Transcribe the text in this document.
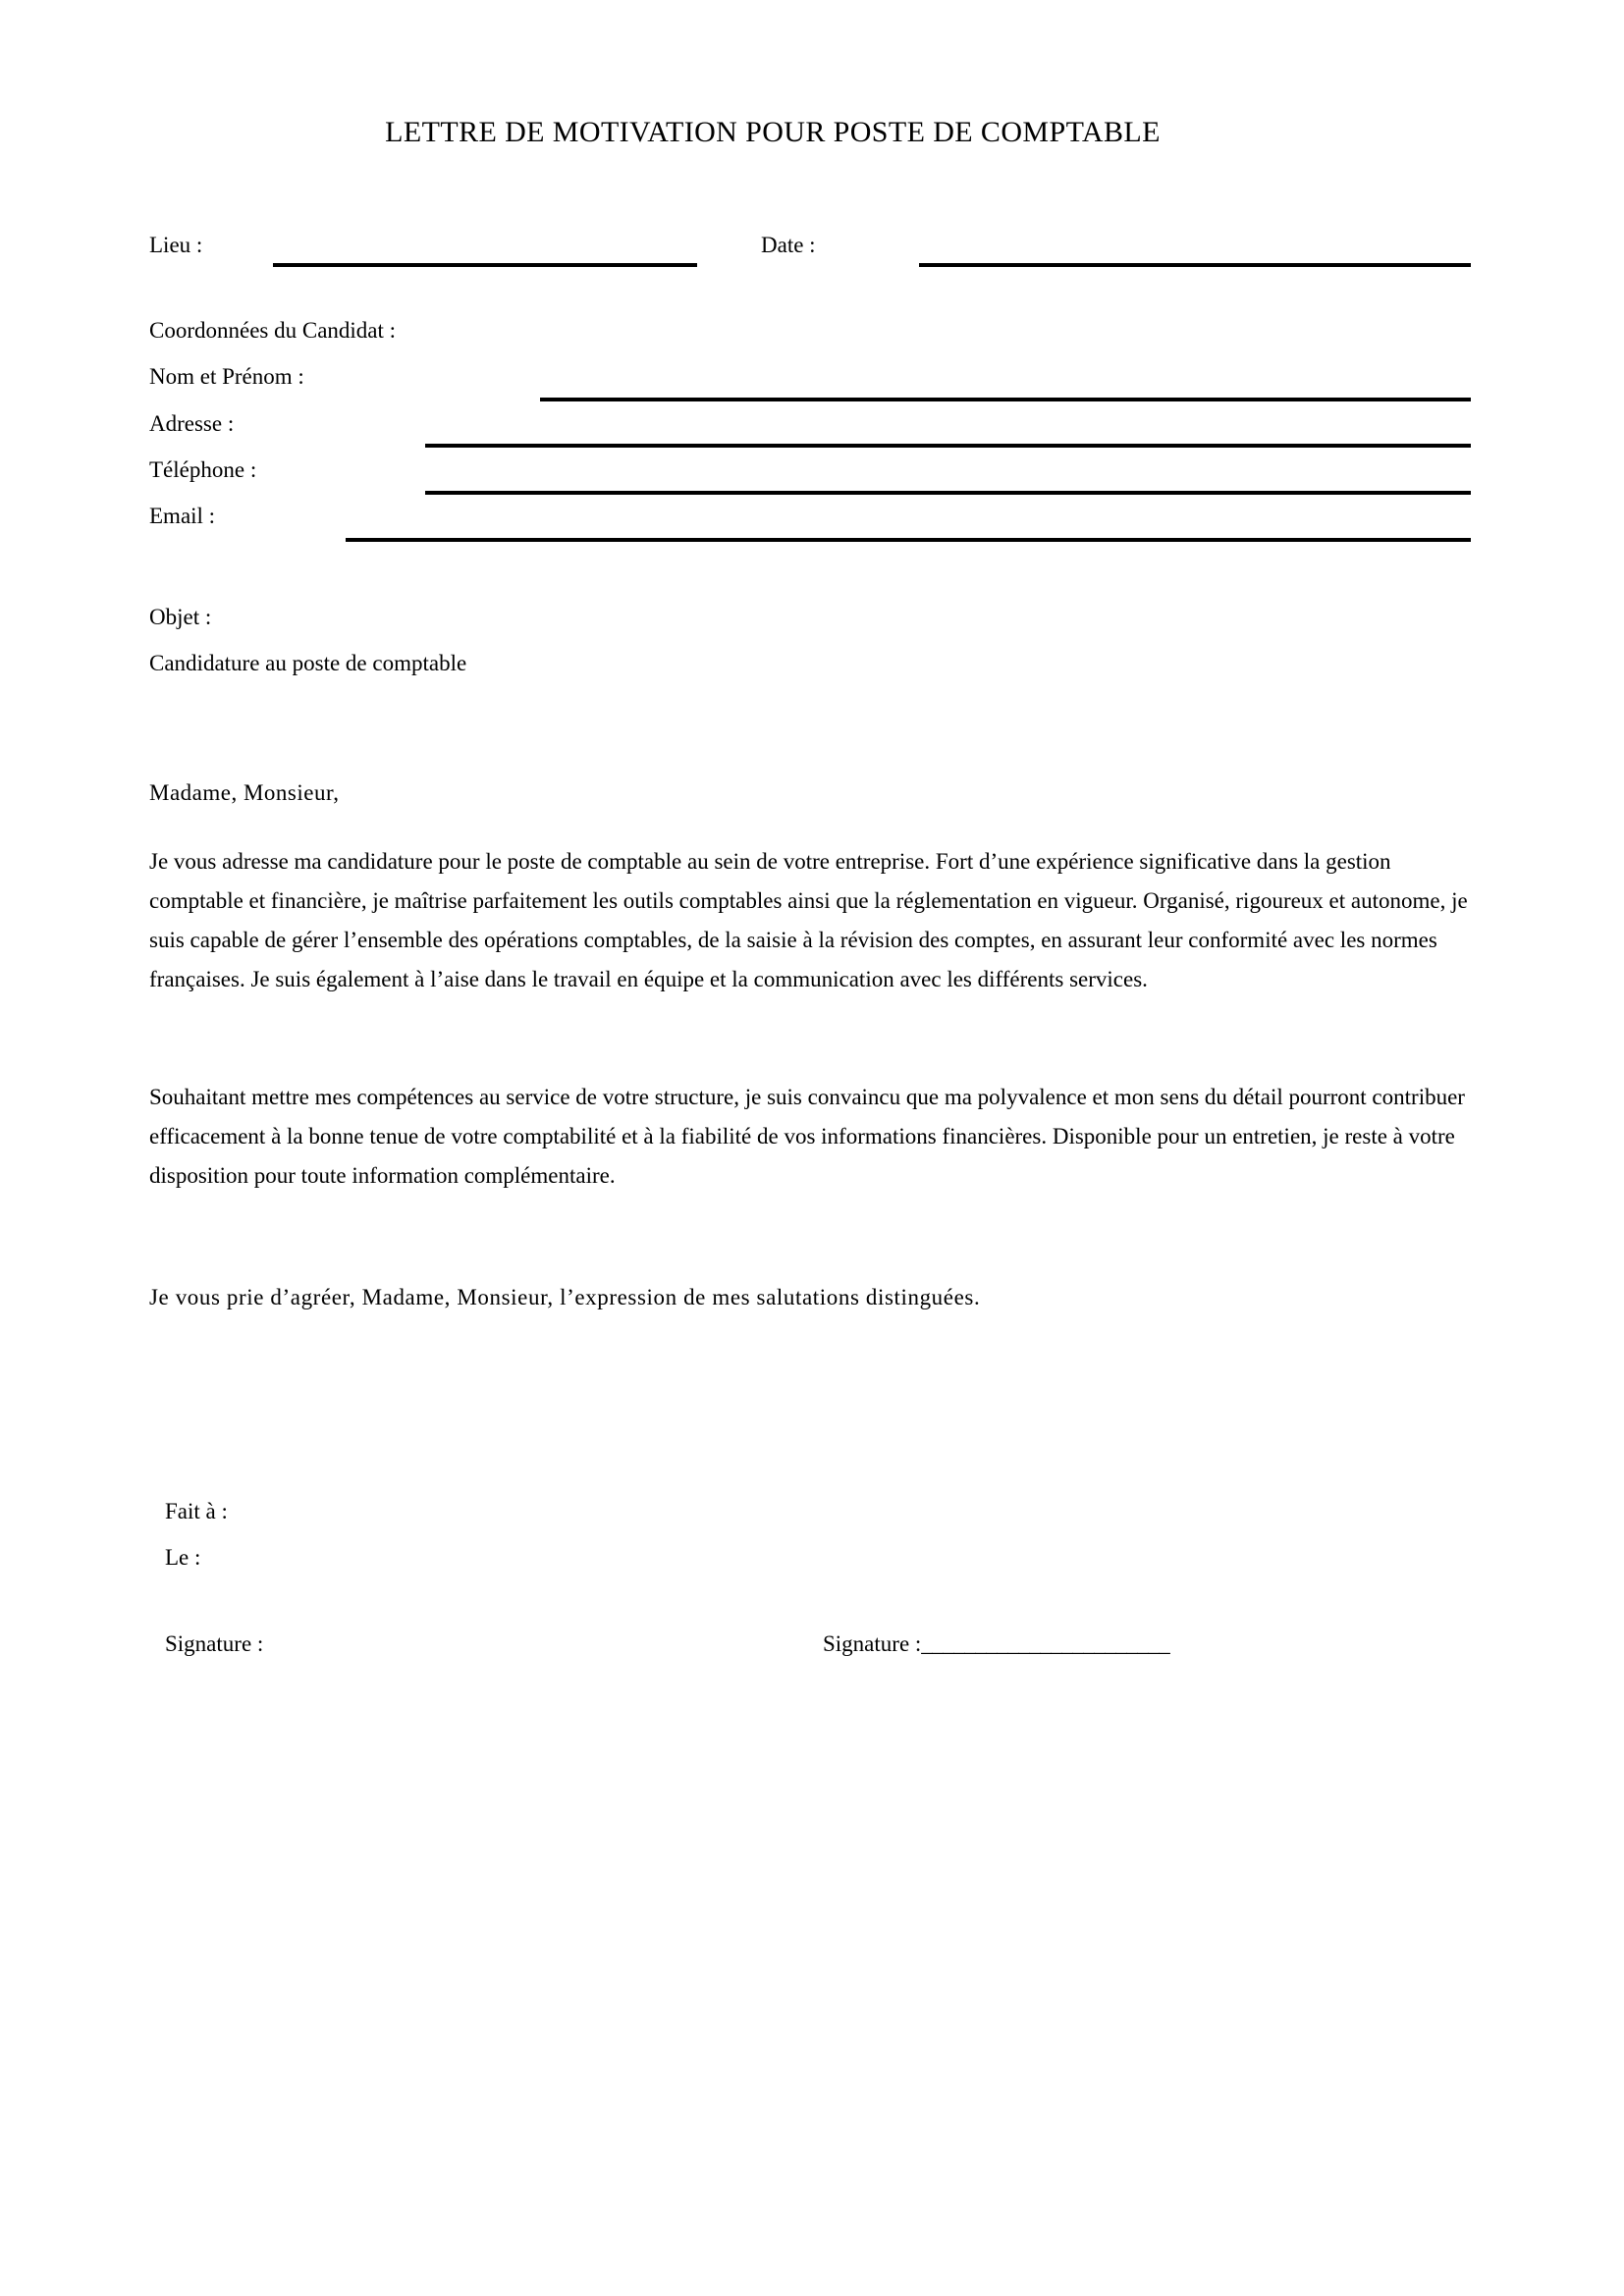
LETTRE DE MOTIVATION POUR POSTE DE COMPTABLE
Lieu :	Date :
Coordonnées du Candidat :
Nom et Prénom :
Adresse :
Téléphone :
Email :
Objet :
Candidature au poste de comptable
Madame, Monsieur,
Je vous adresse ma candidature pour le poste de comptable au sein de votre entreprise. Fort d’une expérience significative dans la gestion comptable et financière, je maîtrise parfaitement les outils comptables ainsi que la réglementation en vigueur. Organisé, rigoureux et autonome, je suis capable de gérer l’ensemble des opérations comptables, de la saisie à la révision des comptes, en assurant leur conformité avec les normes françaises. Je suis également à l’aise dans le travail en équipe et la communication avec les différents services.
Souhaitant mettre mes compétences au service de votre structure, je suis convaincu que ma polyvalence et mon sens du détail pourront contribuer efficacement à la bonne tenue de votre comptabilité et à la fiabilité de vos informations financières. Disponible pour un entretien, je reste à votre disposition pour toute information complémentaire.
Je vous prie d’agréer, Madame, Monsieur, l’expression de mes salutations distinguées.
Fait à :
Le :
Signature :	Signature :_______________________
